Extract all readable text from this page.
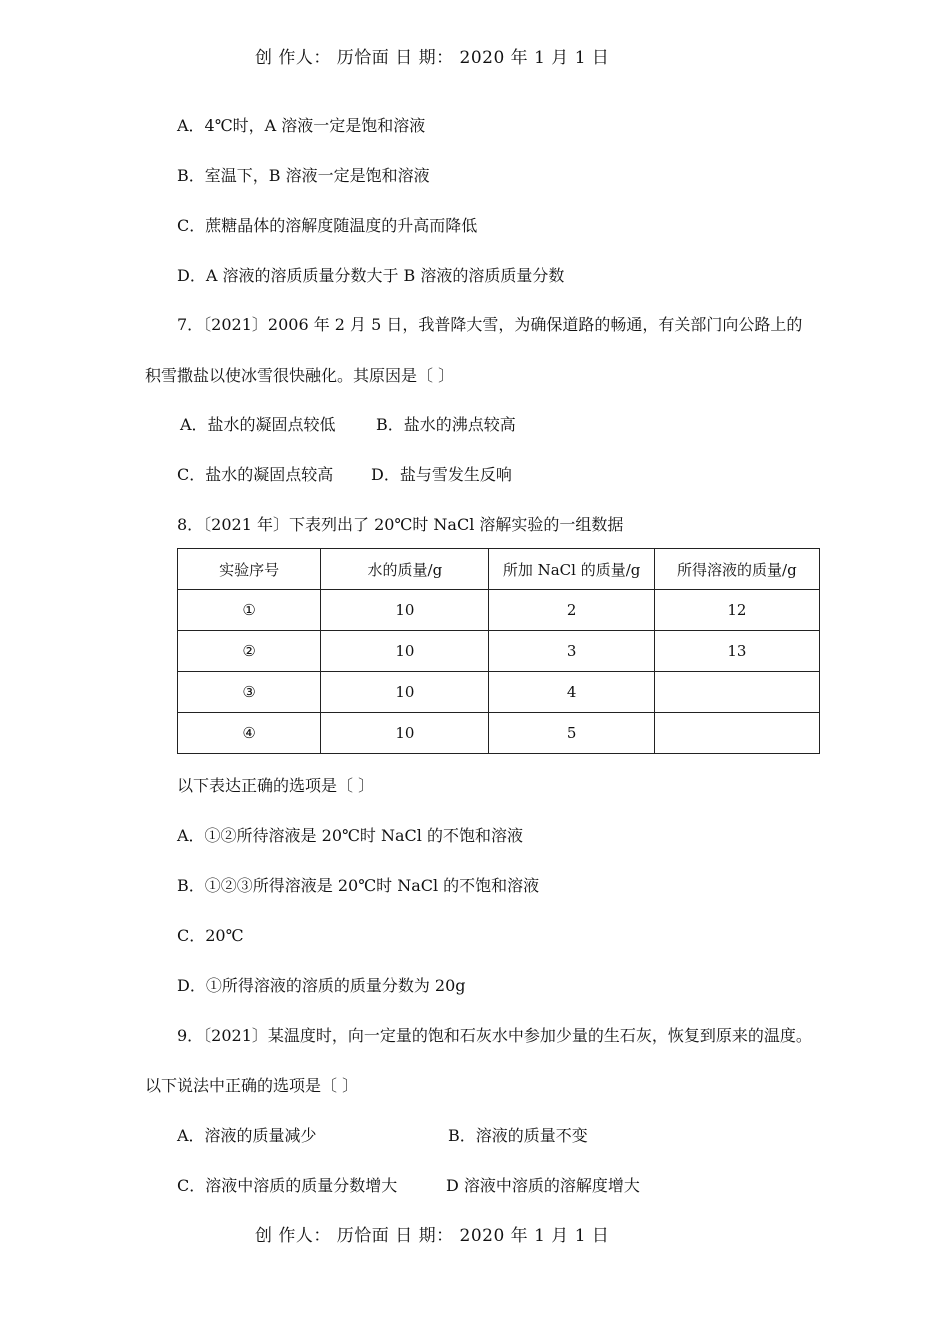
创 作人： 历恰面 日 期： 2020 年 1 月 1 日
A．4℃时，A 溶液一定是饱和溶液
B．室温下，B 溶液一定是饱和溶液
C．蔗糖晶体的溶解度随温度的升高而降低
D．A 溶液的溶质质量分数大于 B 溶液的溶质质量分数
7．〔2021〕2006 年 2 月 5 日，我普降大雪，为确保道路的畅通，有关部门向公路上的
积雪撒盐以使冰雪很快融化。其原因是〔 〕
A．盐水的凝固点较低	B．盐水的沸点较高
C．盐水的凝固点较高 D．盐与雪发生反响
8．〔2021 年〕下表列出了 20℃时 NaCl 溶解实验的一组数据
实验序号	水的质量/g	所加 NaCl 的质量/g	所得溶液的质量/g
①	10	2	12
②	10	3	13
③	10	4	
④	10	5	
以下表达正确的选项是〔 〕
A．①②所待溶液是 20℃时 NaCl 的不饱和溶液
B．①②③所得溶液是 20℃时 NaCl 的不饱和溶液
C．20℃
D．①所得溶液的溶质的质量分数为 20g
9．〔2021〕某温度时，向一定量的饱和石灰水中参加少量的生石灰，恢复到原来的温度。
以下说法中正确的选项是〔 〕
A．溶液的质量减少	B．溶液的质量不变
C．溶液中溶质的质量分数增大	D 溶液中溶质的溶解度增大
创 作人： 历恰面 日 期： 2020 年 1 月 1 日
